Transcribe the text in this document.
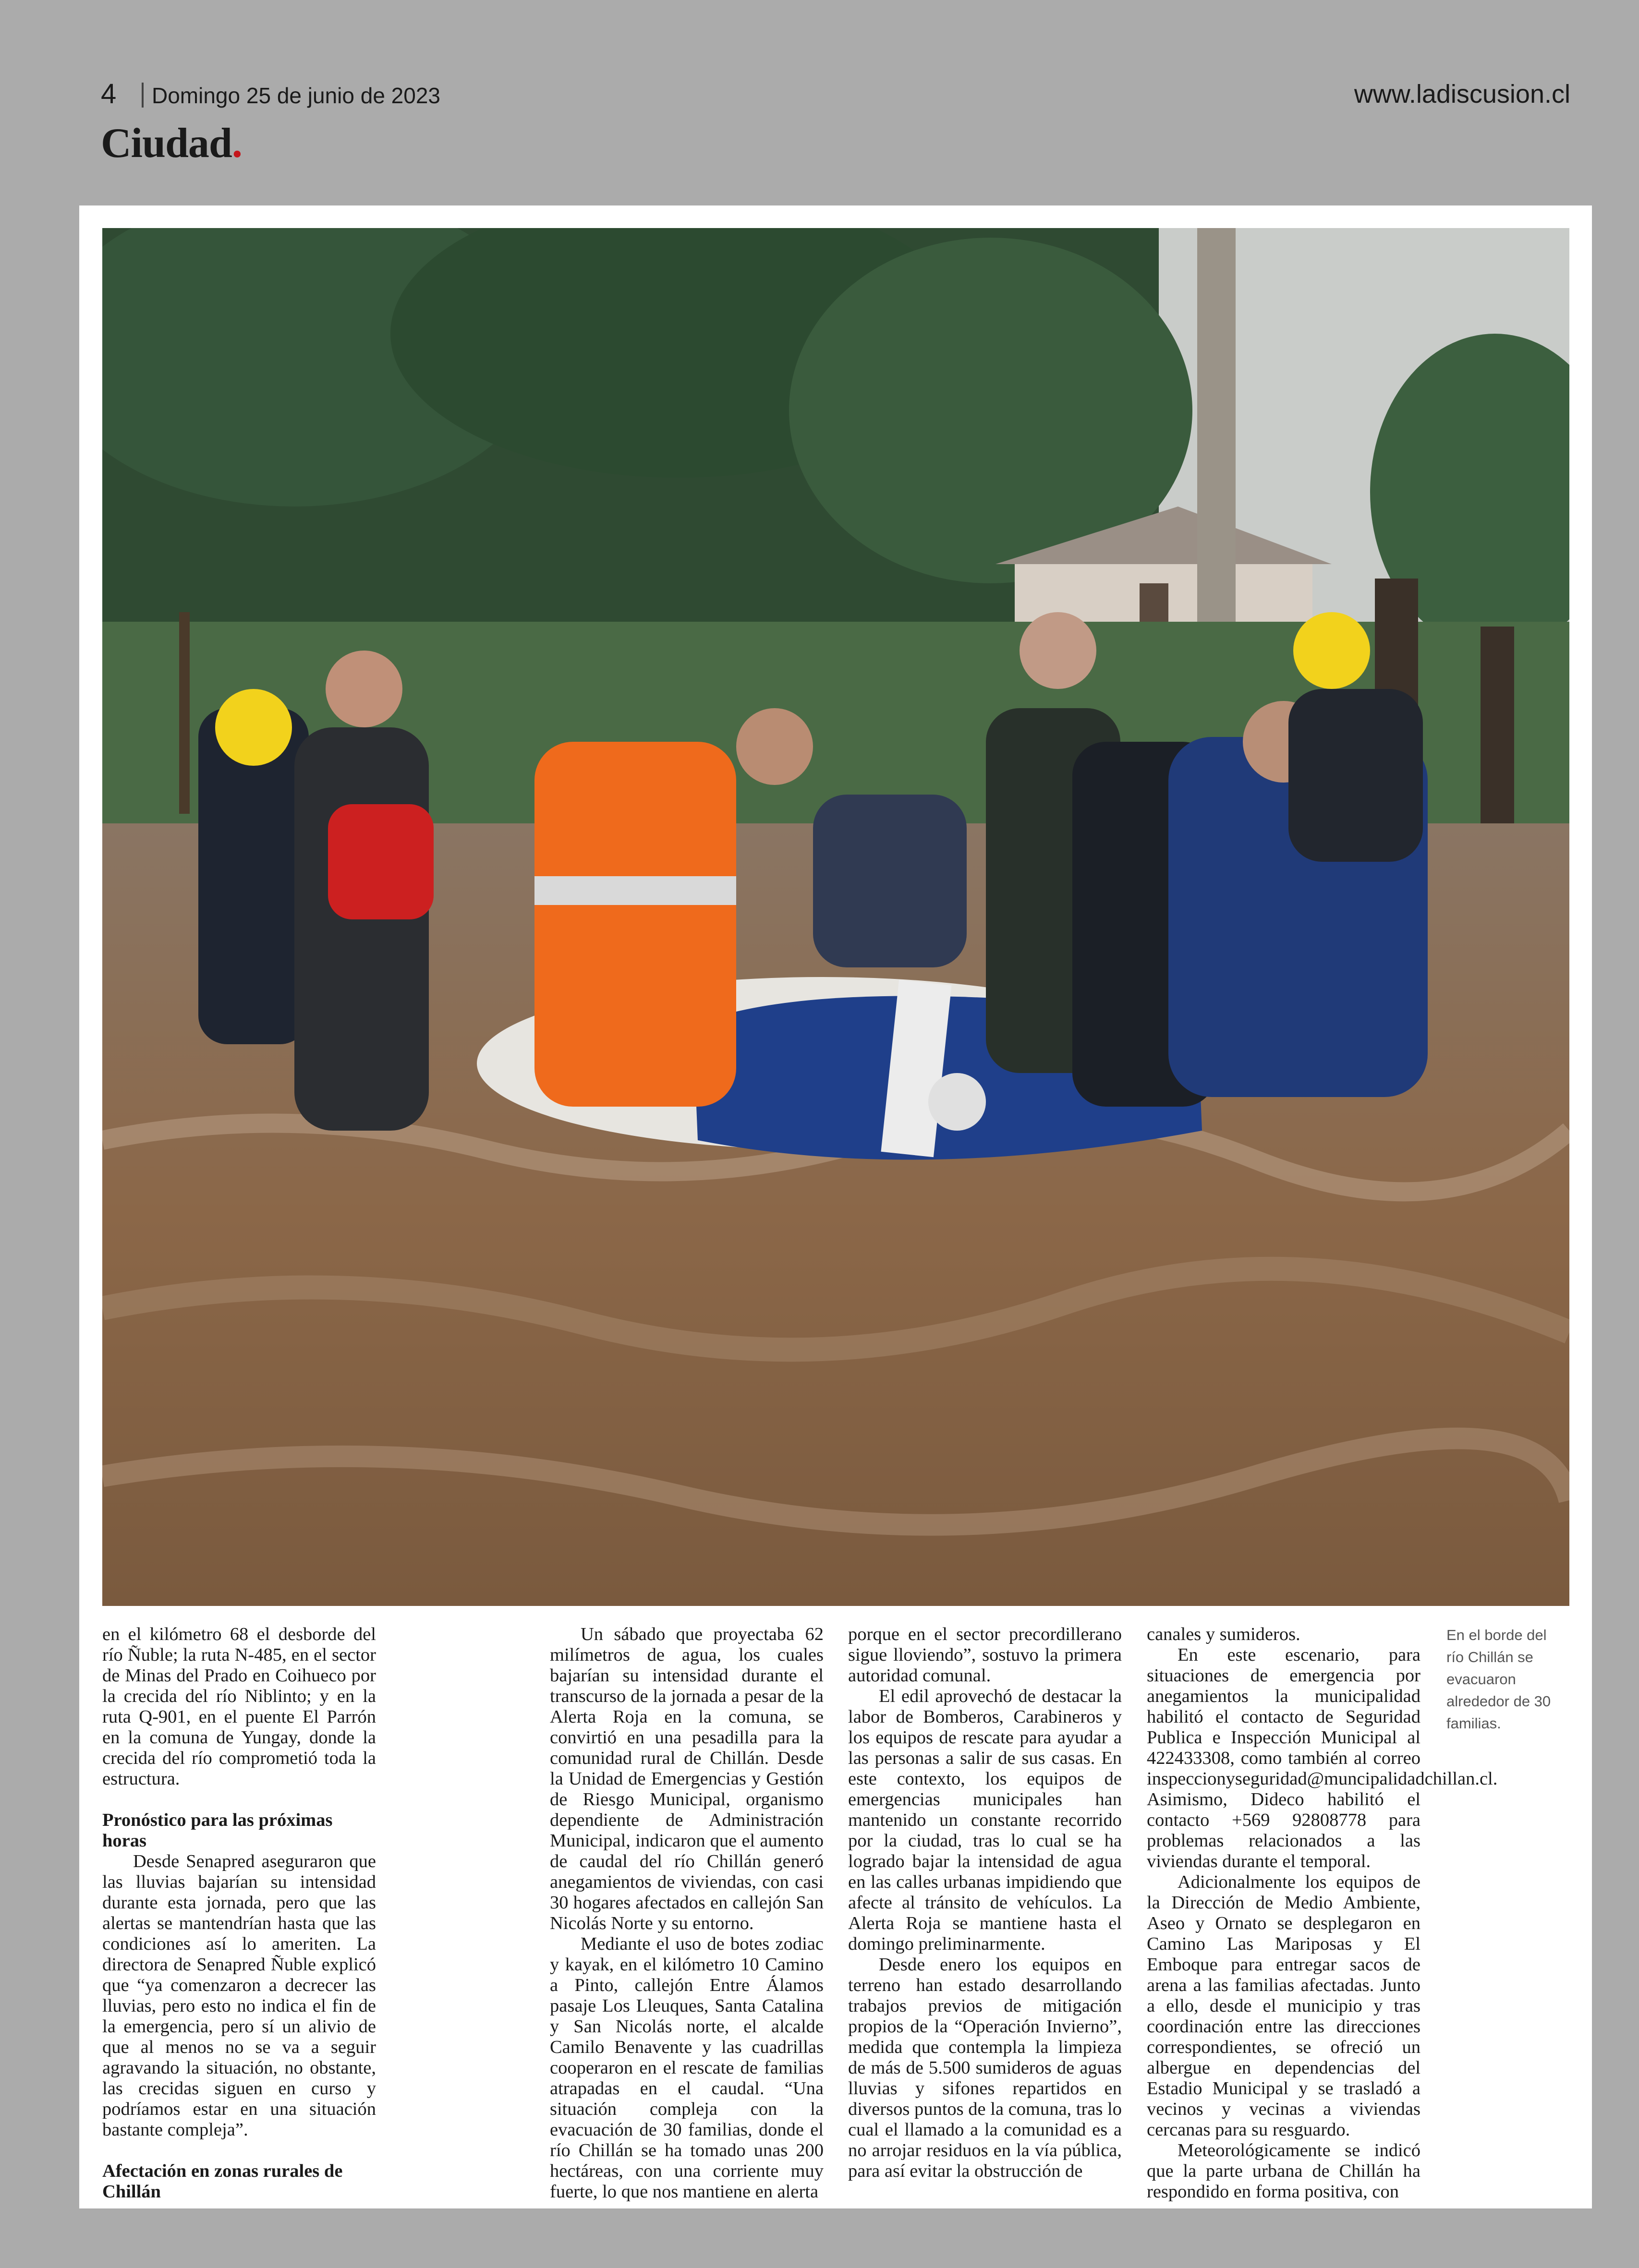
4 Domingo 25 de junio de 2023	www.ladiscusion.cl
Ciudad.

en el kilómetro 68 el desborde del río Ñuble; la ruta N-485, en el sector de Minas del Prado en Coihueco por la crecida del río Niblinto; y en la ruta Q-901, en el puente El Parrón en la comuna de Yungay, donde la crecida del río comprometió toda la estructura.

Pronóstico para las próximas horas

Desde Senapred aseguraron que las lluvias bajarían su intensidad durante esta jornada, pero que las alertas se mantendrían hasta que las condiciones así lo ameriten. La directora de Senapred Ñuble explicó que “ya comenzaron a decrecer las lluvias, pero esto no indica el fin de la emergencia, pero sí un alivio de que al menos no se va a seguir agravando la situación, no obstante, las crecidas siguen en curso y podríamos estar en una situación bastante compleja”.

Afectación en zonas rurales de Chillán

Un sábado que proyectaba 62 milímetros de agua, los cuales bajarían su intensidad durante el transcurso de la jornada a pesar de la Alerta Roja en la comuna, se convirtió en una pesadilla para la comunidad rural de Chillán. Desde la Unidad de Emergencias y Gestión de Riesgo Municipal, organismo dependiente de Administración Municipal, indicaron que el aumento de caudal del río Chillán generó anegamientos de viviendas, con casi 30 hogares afectados en callejón San Nicolás Norte y su entorno.

Mediante el uso de botes zodiac y kayak, en el kilómetro 10 Camino a Pinto, callejón Entre Álamos pasaje Los Lleuques, Santa Catalina y San Nicolás norte, el alcalde Camilo Benavente y las cuadrillas cooperaron en el rescate de familias atrapadas en el caudal. “Una situación compleja con la evacuación de 30 familias, donde el río Chillán se ha tomado unas 200 hectáreas, con una corriente muy fuerte, lo que nos mantiene en alerta

porque en el sector precordillerano sigue lloviendo”, sostuvo la primera autoridad comunal.

El edil aprovechó de destacar la labor de Bomberos, Carabineros y los equipos de rescate para ayudar a las personas a salir de sus casas. En este contexto, los equipos de emergencias municipales han mantenido un constante recorrido por la ciudad, tras lo cual se ha logrado bajar la intensidad de agua en las calles urbanas impidiendo que afecte al tránsito de vehículos. La Alerta Roja se mantiene hasta el domingo preliminarmente.

Desde enero los equipos en terreno han estado desarrollando trabajos previos de mitigación propios de la “Operación Invierno”, medida que contempla la limpieza de más de 5.500 sumideros de aguas lluvias y sifones repartidos en diversos puntos de la comuna, tras lo cual el llamado a la comunidad es a no arrojar residuos en la vía pública, para así evitar la obstrucción de

canales y sumideros.

En este escenario, para situaciones de emergencia por anegamientos la municipalidad habilitó el contacto de Seguridad Publica e Inspección Municipal al 422433308, como también al correo inspeccionyseguridad@muncipalidadchillan.cl. Asimismo, Dideco habilitó el contacto +569 92808778 para problemas relacionados a las viviendas durante el temporal.

Adicionalmente los equipos de la Dirección de Medio Ambiente, Aseo y Ornato se desplegaron en Camino Las Mariposas y El Emboque para entregar sacos de arena a las familias afectadas. Junto a ello, desde el municipio y tras coordinación entre las direcciones correspondientes, se ofreció un albergue en dependencias del Estadio Municipal y se trasladó a vecinos y vecinas a viviendas cercanas para su resguardo.

Meteorológicamente se indicó que la parte urbana de Chillán ha respondido en forma positiva, con

En el borde del río Chillán se evacuaron alrededor de 30 familias.
